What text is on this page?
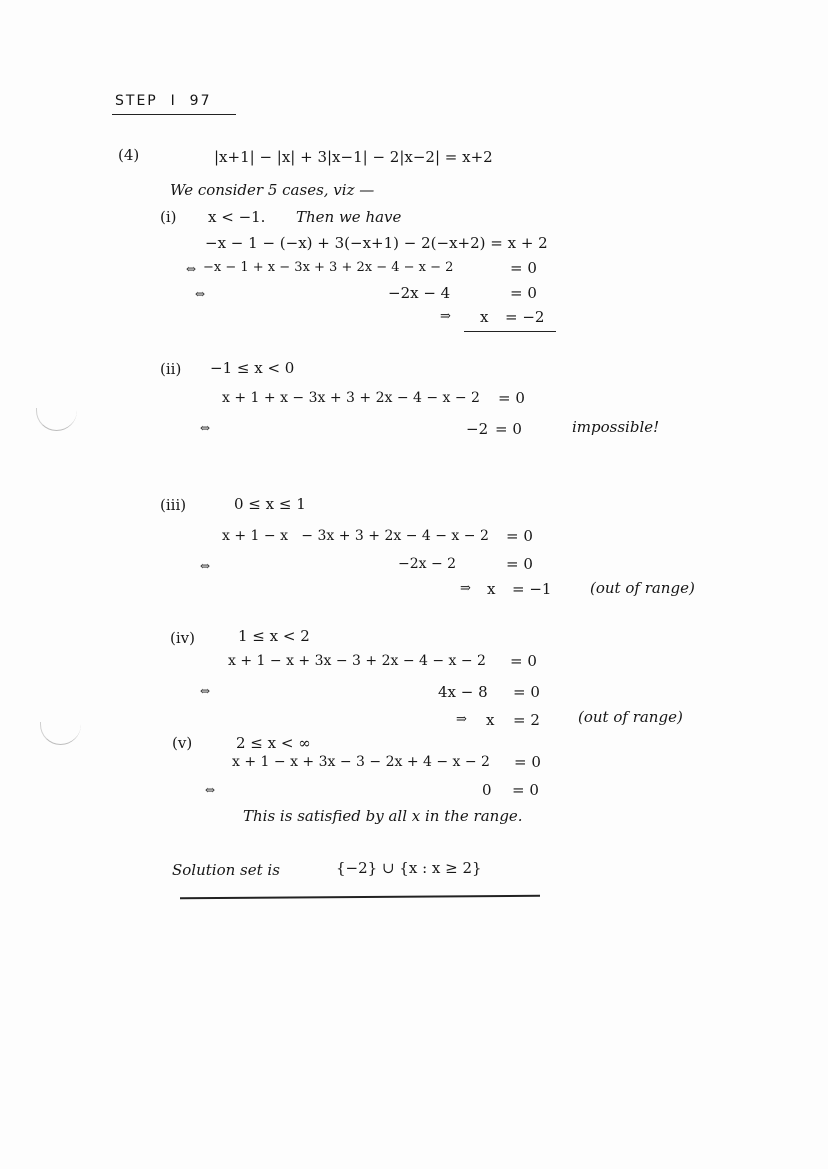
STEP  I  97
(4)	|x+1| − |x| + 3|x−1| − 2|x−2| = x+2
We consider 5 cases, viz —
(i) x < −1. Then we have
−x − 1 − (−x) + 3(−x+1) − 2(−x+2) = x + 2
⇔ −x − 1 + x − 3x + 3 + 2x − 4 − x − 2	= 0
⇔	−2x − 4	= 0
⇒ x = −2
(ii) −1 ≤ x < 0
x + 1 + x − 3x + 3 + 2x − 4 − x − 2 = 0
⇔	−2 = 0	impossible!
(iii)	0 ≤ x ≤ 1
x + 1 − x   − 3x + 3 + 2x − 4 − x − 2 = 0
⇔	−2x − 2	= 0
⇒ x = −1	(out of range)
(iv)	1 ≤ x < 2
x + 1 − x + 3x − 3 + 2x − 4 − x − 2 = 0
⇔	4x − 8 = 0
⇒ x = 2	(out of range)
(v)	2 ≤ x < ∞
x + 1 − x + 3x − 3 − 2x + 4 − x − 2 = 0
⇔	0 = 0
This is satisfied by all x in the range.
Solution set is	{−2} ∪ {x : x ≥ 2}
